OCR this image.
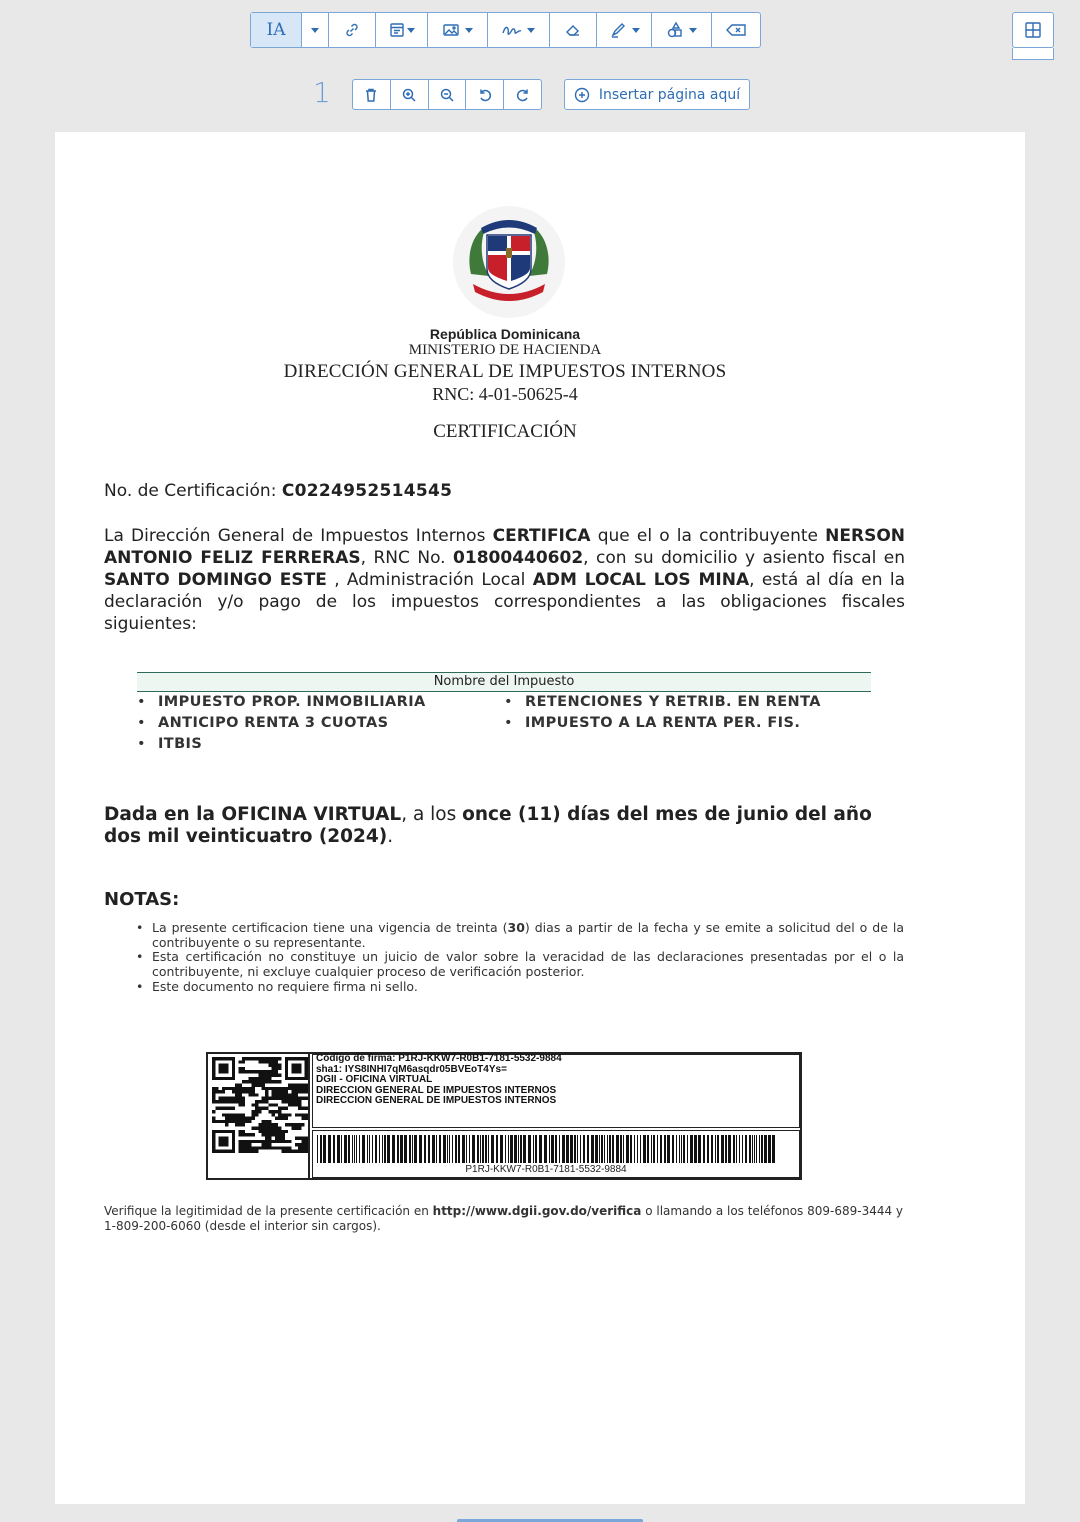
IA
1	Insertar página aquí
República Dominicana
MINISTERIO DE HACIENDA
DIRECCIÓN GENERAL DE IMPUESTOS INTERNOS
RNC: 4-01-50625-4
CERTIFICACIÓN
No. de Certificación: C0224952514545
La Dirección General de Impuestos Internos CERTIFICA que el o la contribuyente NERSON ANTONIO FELIZ FERRERAS, RNC No. 01800440602, con su domicilio y asiento fiscal en SANTO DOMINGO ESTE , Administración Local ADM LOCAL LOS MINA, está al día en la declaración y/o pago de los impuestos correspondientes a las obligaciones fiscales siguientes:
Nombre del Impuesto
• IMPUESTO PROP. INMOBILIARIA
• ANTICIPO RENTA 3 CUOTAS
• ITBIS
• RETENCIONES Y RETRIB. EN RENTA
• IMPUESTO A LA RENTA PER. FIS.
Dada en la OFICINA VIRTUAL, a los once (11) días del mes de junio del año dos mil veinticuatro (2024).
NOTAS:
• La presente certificacion tiene una vigencia de treinta (30) dias a partir de la fecha y se emite a solicitud del o de la contribuyente o su representante.
• Esta certificación no constituye un juicio de valor sobre la veracidad de las declaraciones presentadas por el o la contribuyente, ni excluye cualquier proceso de verificación posterior.
• Este documento no requiere firma ni sello.
Código de firma: P1RJ-KKW7-R0B1-7181-5532-9884
sha1: IYS8INHI7qM6asqdr05BVEoT4Ys=
DGII - OFICINA VIRTUAL
DIRECCION GENERAL DE IMPUESTOS INTERNOS
DIRECCION GENERAL DE IMPUESTOS INTERNOS
P1RJ-KKW7-R0B1-7181-5532-9884
Verifique la legitimidad de la presente certificación en http://www.dgii.gov.do/verifica o llamando a los teléfonos 809-689-3444 y 1-809-200-6060 (desde el interior sin cargos).
